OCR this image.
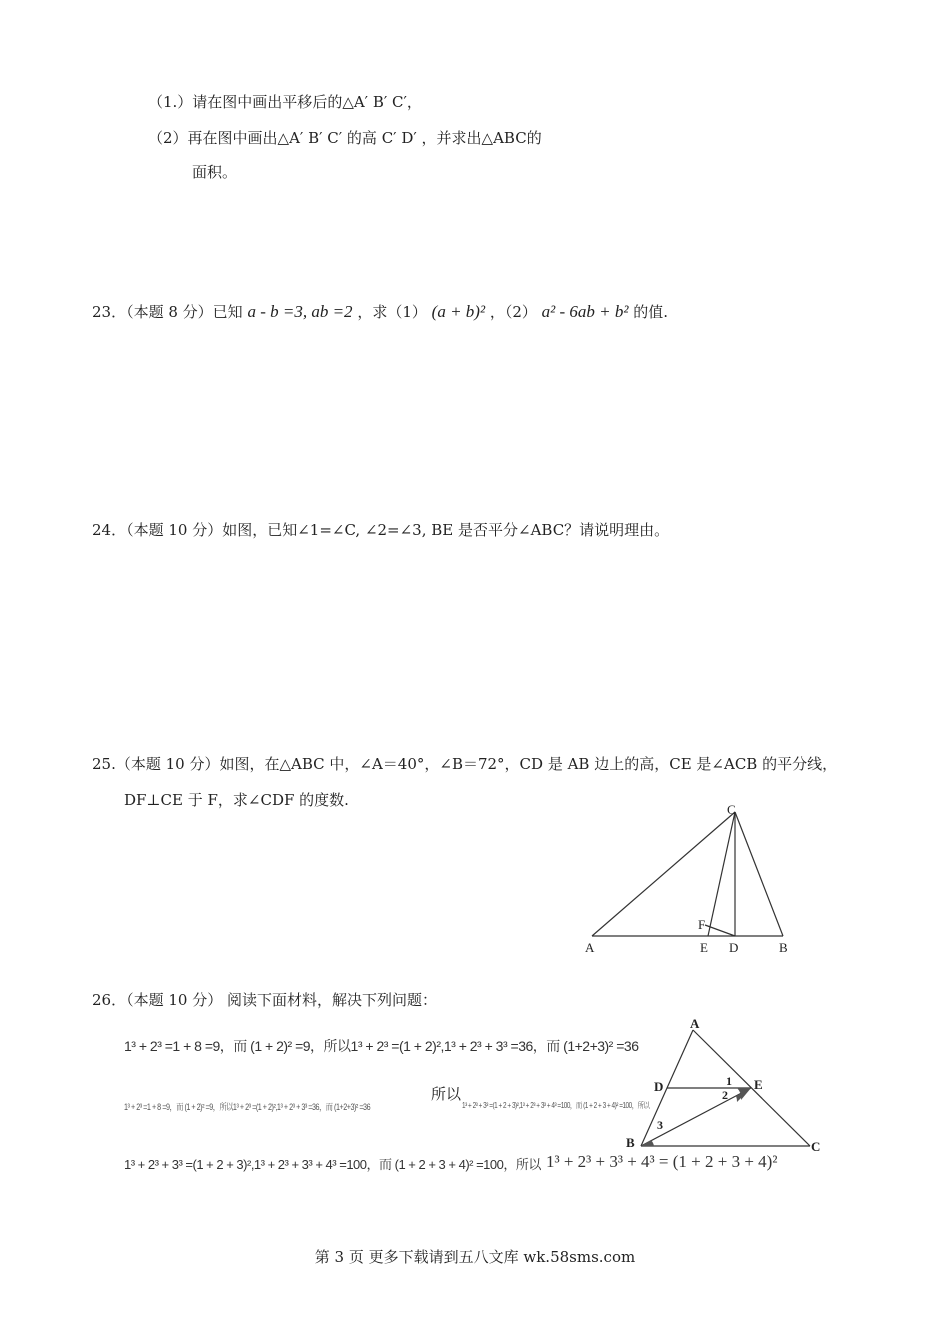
（1.）请在图中画出平移后的△A′ B′ C′，
（2）再在图中画出△A′ B′ C′ 的高 C′ D′ ，并求出△ABC的
面积。
23．（本题 8 分）已知 a - b =3, ab =2 ，求（1） (a + b)² ，（2） a² - 6ab + b² 的值.
24．（本题 10 分）如图，已知∠1=∠C, ∠2=∠3, BE 是否平分∠ABC？请说明理由。
25.（本题 10 分）如图，在△ABC 中，∠A＝40°，∠B＝72°，CD 是 AB 边上的高，CE 是∠ACB 的平分线，
DF⊥CE 于 F，求∠CDF 的度数.
C
F
A	E D	B
26．（本题 10 分） 阅读下面材料，解决下列问题：
1³ + 2³ =1 + 8 =9，而 (1 + 2)² =9，所以1³ + 2³ =(1 + 2)²,1³ + 2³ + 3³ =36，而 (1+2+3)² =36
1³ + 2³ =1 + 8 =9，而 (1 + 2)² =9，所以1³ + 2³ =(1 + 2)²,1³ + 2³ + 3³ =36，而 (1+2+3)² =36
所以
1³ + 2³ + 3³ =(1 + 2 + 3)²,1³ + 2³ + 3³ + 4³ =100，而 (1 + 2 + 3 + 4)² =100，所以
1³ + 2³ + 3³ =(1 + 2 + 3)²,1³ + 2³ + 3³ + 4³ =100，而 (1 + 2 + 3 + 4)² =100，所以 1³ + 2³ + 3³ + 4³ = (1 + 2 + 3 + 4)²
A
D	E
B	C
1
2
3
第 3 页 更多下载请到五八文库 wk.58sms.com
